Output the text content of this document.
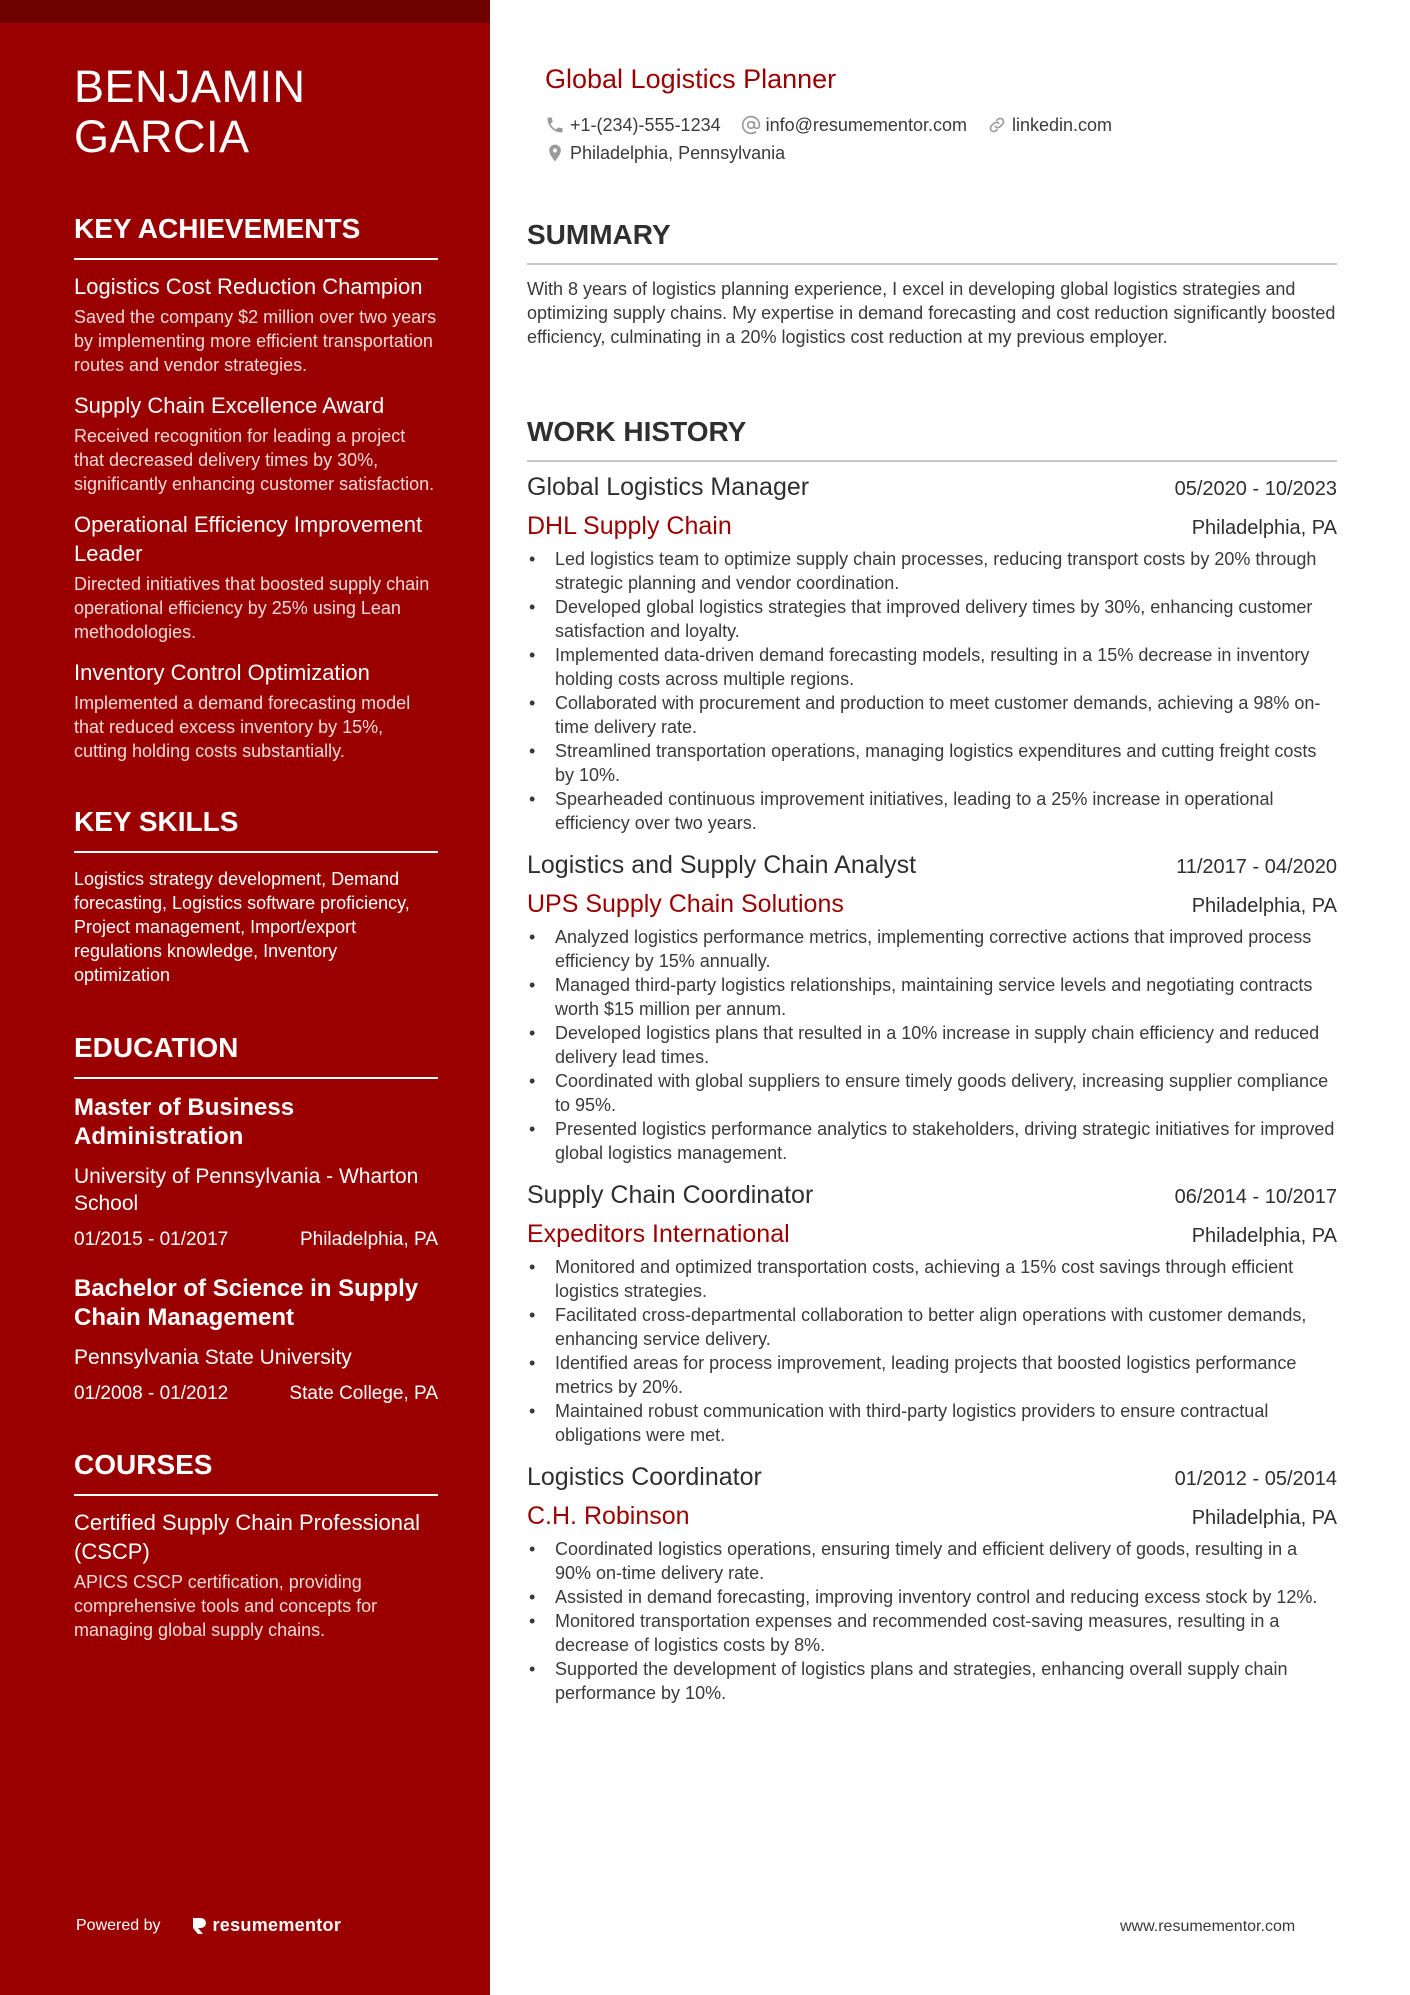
BENJAMIN
GARCIA
KEY ACHIEVEMENTS
Logistics Cost Reduction Champion
Saved the company $2 million over two years by implementing more efficient transportation routes and vendor strategies.
Supply Chain Excellence Award
Received recognition for leading a project that decreased delivery times by 30%, significantly enhancing customer satisfaction.
Operational Efficiency Improvement Leader
Directed initiatives that boosted supply chain operational efficiency by 25% using Lean methodologies.
Inventory Control Optimization
Implemented a demand forecasting model that reduced excess inventory by 15%, cutting holding costs substantially.
KEY SKILLS
Logistics strategy development, Demand forecasting, Logistics software proficiency, Project management, Import/export regulations knowledge, Inventory optimization
EDUCATION
Master of Business Administration
University of Pennsylvania - Wharton School
01/2015 - 01/2017	Philadelphia, PA
Bachelor of Science in Supply Chain Management
Pennsylvania State University
01/2008 - 01/2012	State College, PA
COURSES
Certified Supply Chain Professional (CSCP)
APICS CSCP certification, providing comprehensive tools and concepts for managing global supply chains.
Powered by	resumementor
Global Logistics Planner
+1-(234)-555-1234	info@resumementor.com	linkedin.com
Philadelphia, Pennsylvania
SUMMARY

With 8 years of logistics planning experience, I excel in developing global logistics strategies and optimizing supply chains. My expertise in demand forecasting and cost reduction significantly boosted efficiency, culminating in a 20% logistics cost reduction at my previous employer.

WORK HISTORY
Global Logistics Manager	05/2020 - 10/2023
DHL Supply Chain	Philadelphia, PA
• Led logistics team to optimize supply chain processes, reducing transport costs by 20% through strategic planning and vendor coordination.
• Developed global logistics strategies that improved delivery times by 30%, enhancing customer satisfaction and loyalty.
• Implemented data-driven demand forecasting models, resulting in a 15% decrease in inventory holding costs across multiple regions.
• Collaborated with procurement and production to meet customer demands, achieving a 98% on-time delivery rate.
• Streamlined transportation operations, managing logistics expenditures and cutting freight costs by 10%.
• Spearheaded continuous improvement initiatives, leading to a 25% increase in operational efficiency over two years.
Logistics and Supply Chain Analyst	11/2017 - 04/2020
UPS Supply Chain Solutions	Philadelphia, PA
• Analyzed logistics performance metrics, implementing corrective actions that improved process efficiency by 15% annually.
• Managed third-party logistics relationships, maintaining service levels and negotiating contracts worth $15 million per annum.
• Developed logistics plans that resulted in a 10% increase in supply chain efficiency and reduced delivery lead times.
• Coordinated with global suppliers to ensure timely goods delivery, increasing supplier compliance to 95%.
• Presented logistics performance analytics to stakeholders, driving strategic initiatives for improved global logistics management.
Supply Chain Coordinator	06/2014 - 10/2017
Expeditors International	Philadelphia, PA
• Monitored and optimized transportation costs, achieving a 15% cost savings through efficient logistics strategies.
• Facilitated cross-departmental collaboration to better align operations with customer demands, enhancing service delivery.
• Identified areas for process improvement, leading projects that boosted logistics performance metrics by 20%.
• Maintained robust communication with third-party logistics providers to ensure contractual obligations were met.
Logistics Coordinator	01/2012 - 05/2014
C.H. Robinson	Philadelphia, PA
• Coordinated logistics operations, ensuring timely and efficient delivery of goods, resulting in a 90% on-time delivery rate.
• Assisted in demand forecasting, improving inventory control and reducing excess stock by 12%.
• Monitored transportation expenses and recommended cost-saving measures, resulting in a decrease of logistics costs by 8%.
• Supported the development of logistics plans and strategies, enhancing overall supply chain performance by 10%.
www.resumementor.com
